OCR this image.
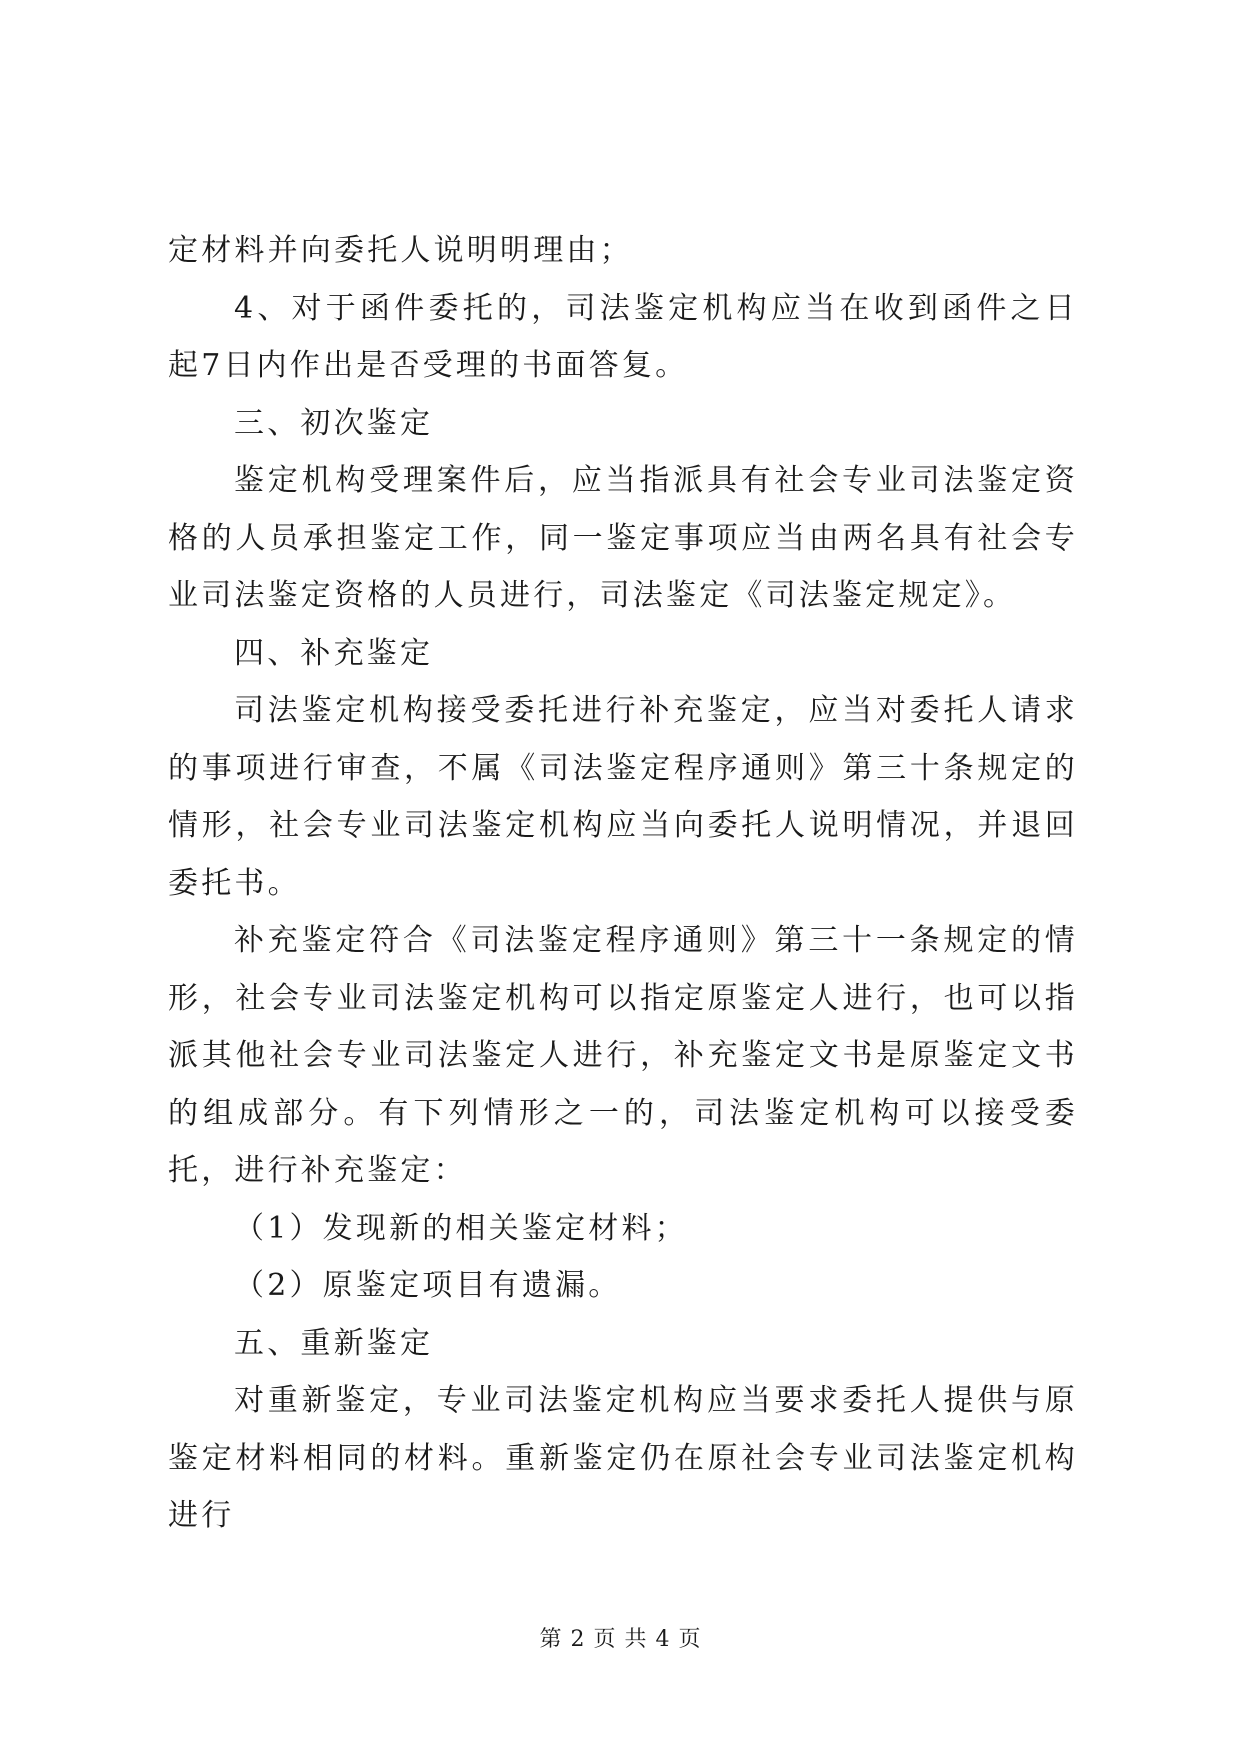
定材料并向委托人说明明理由；

4、对于函件委托的，司法鉴定机构应当在收到函件之日起7日内作出是否受理的书面答复。

三、初次鉴定

鉴定机构受理案件后，应当指派具有社会专业司法鉴定资格的人员承担鉴定工作，同一鉴定事项应当由两名具有社会专业司法鉴定资格的人员进行，司法鉴定《司法鉴定规定》。

四、补充鉴定

司法鉴定机构接受委托进行补充鉴定，应当对委托人请求的事项进行审查，不属《司法鉴定程序通则》第三十条规定的情形，社会专业司法鉴定机构应当向委托人说明情况，并退回委托书。

补充鉴定符合《司法鉴定程序通则》第三十一条规定的情形，社会专业司法鉴定机构可以指定原鉴定人进行，也可以指派其他社会专业司法鉴定人进行，补充鉴定文书是原鉴定文书的组成部分。有下列情形之一的，司法鉴定机构可以接受委托，进行补充鉴定：

（1）发现新的相关鉴定材料；

（2）原鉴定项目有遗漏。

五、重新鉴定

对重新鉴定，专业司法鉴定机构应当要求委托人提供与原鉴定材料相同的材料。重新鉴定仍在原社会专业司法鉴定机构进行

第 2 页 共 4 页
